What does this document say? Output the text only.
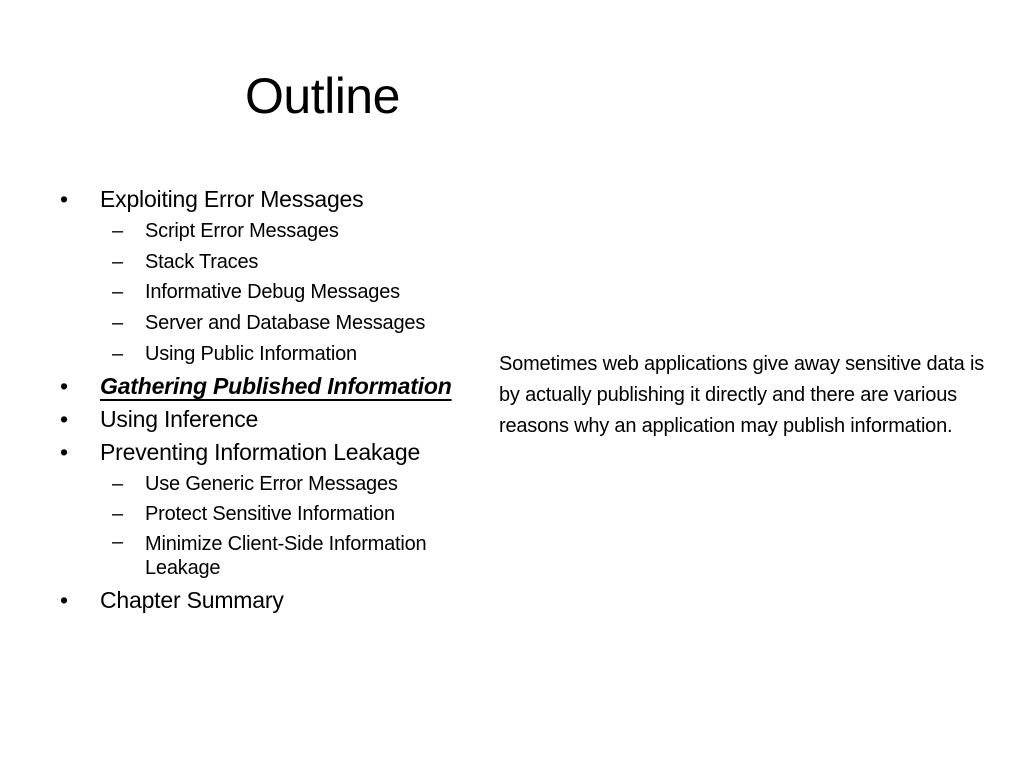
Outline
•	Exploiting Error Messages
– Script Error Messages
– Stack Traces
– Informative Debug Messages
– Server and Database Messages
– Using Public Information
•	Gathering Published Information
•	Using Inference
•	Preventing Information Leakage
– Use Generic Error Messages
– Protect Sensitive Information
– Minimize Client-Side Information Leakage
•	Chapter Summary
Sometimes web applications give away sensitive data is by actually publishing it directly and there are various reasons why an application may publish information.
